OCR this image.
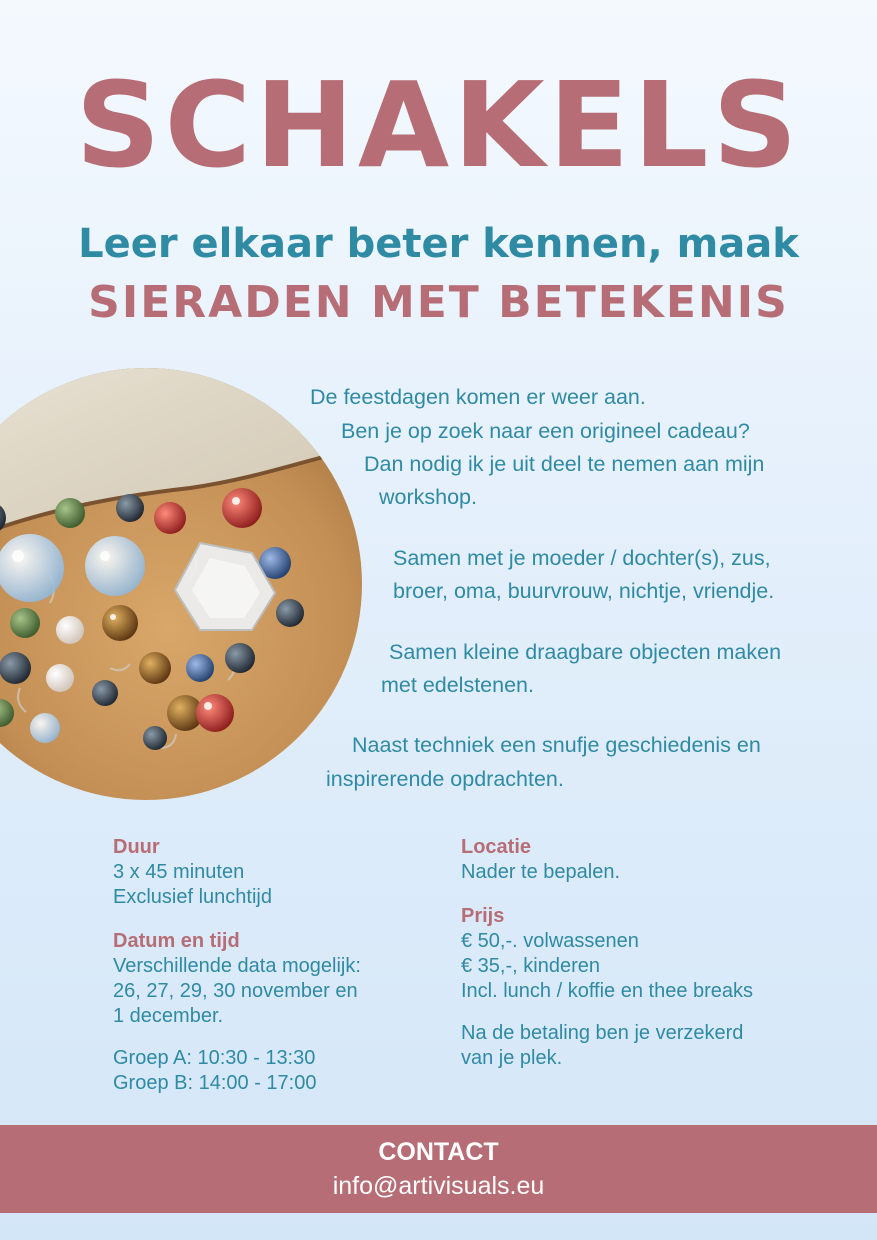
SCHAKELS
Leer elkaar beter kennen, maak
SIERADEN MET BETEKENIS

De feestdagen komen er weer aan.

Ben je op zoek naar een origineel cadeau?

Dan nodig ik je uit deel te nemen aan mijn

workshop.

Samen met je moeder / dochter(s), zus,

broer, oma, buurvrouw, nichtje, vriendje.

Samen kleine draagbare objecten maken

met edelstenen.

Naast techniek een snufje geschiedenis en

inspirerende opdrachten.

Duur
3 x 45 minuten
Exclusief lunchtijd
Datum en tijd
Verschillende data mogelijk:
26, 27, 29, 30 november en
1 december.
Groep A: 10:30 - 13:30
Groep B: 14:00 - 17:00
Locatie
Nader te bepalen.
Prijs
€ 50,-. volwassenen
€ 35,-, kinderen
Incl. lunch / koffie en thee breaks
Na de betaling ben je verzekerd
van je plek.
CONTACT
info@artivisuals.eu
